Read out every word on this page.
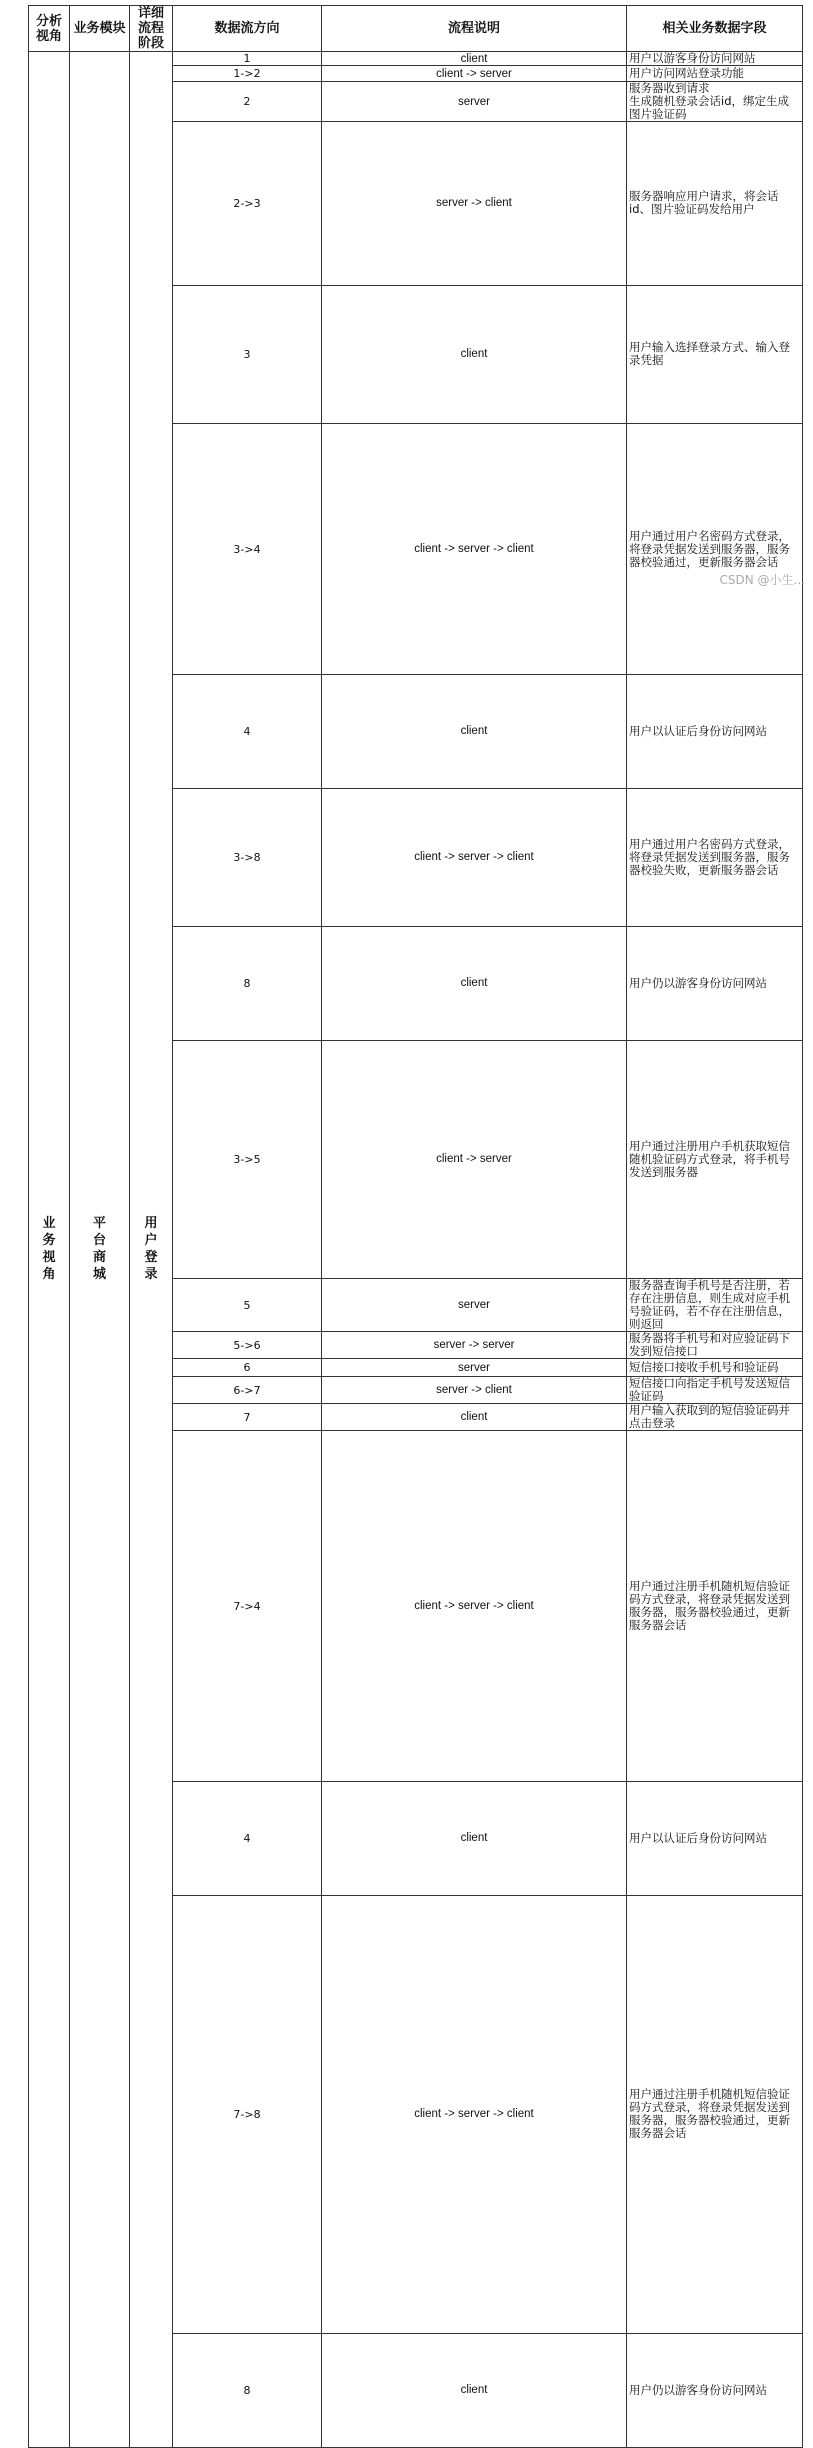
分析视角	业务模块	详细流程阶段	数据流方向	流程说明	相关业务数据字段	
业务视角	平台商城	用户登录	1	client	用户以游客身份访问网站	
			1->2	client -> server	用户访问网站登录功能	
			2	server	服务器收到请求
生成随机登录会话id，绑定生成图片验证码	
			2->3	server -> client	服务器响应用户请求，将会话id、图片验证码发给用户	
			3	client	用户输入选择登录方式、输入登录凭据	
			3->4	client -> server -> client	用户通过用户名密码方式登录，将登录凭据发送到服务器，服务器校验通过，更新服务器会话	
			4	client	用户以认证后身份访问网站	
			3->8	client -> server -> client	用户通过用户名密码方式登录，将登录凭据发送到服务器，服务器校验失败，更新服务器会话	
			8	client	用户仍以游客身份访问网站	
			3->5	client -> server	用户通过注册用户手机获取短信随机验证码方式登录，将手机号发送到服务器	
			5	server	服务器查询手机号是否注册，若存在注册信息，则生成对应手机号验证码，若不存在注册信息，则返回	
			5->6	server -> server	服务器将手机号和对应验证码下发到短信接口	
			6	server	短信接口接收手机号和验证码	
			6->7	server -> client	短信接口向指定手机号发送短信验证码	
			7	client	用户输入获取到的短信验证码并点击登录	
			7->4	client -> server -> client	用户通过注册手机随机短信验证码方式登录，将登录凭据发送到服务器，服务器校验通过，更新服务器会话	
			4	client	用户以认证后身份访问网站	
			7->8	client -> server -> client	用户通过注册手机随机短信验证码方式登录，将登录凭据发送到服务器，服务器校验通过，更新服务器会话	
			8	client	用户仍以游客身份访问网站	
CSDN @小生...
